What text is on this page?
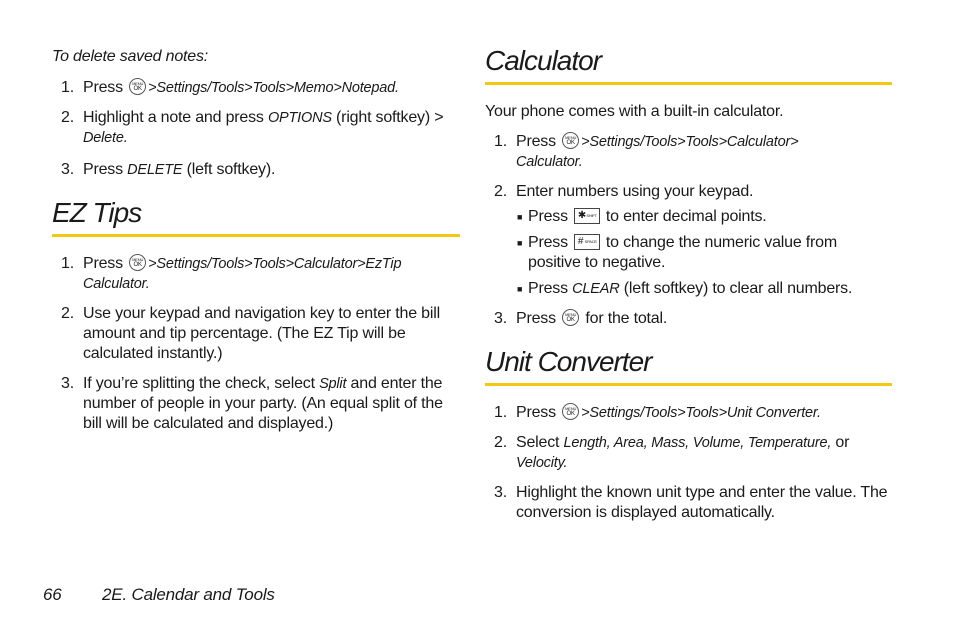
To delete saved notes:
1. Press	MENU
OK >Settings/Tools>Tools>Memo>Notepad.
2. Highlight a note and press OPTIONS (right softkey) > Delete.
3. Press DELETE (left softkey).
EZ Tips
1. Press	MENU
OK >Settings/Tools>Tools>Calculator>EzTip
Calculator.
2. Use your keypad and navigation key to enter the bill amount and tip percentage. (The EZ Tip will be calculated instantly.)
3. If you’re splitting the check, select Split and enter the number of people in your party. (An equal split of the bill will be calculated and displayed.)
Calculator
Your phone comes with a built-in calculator.
1. Press	MENU
OK >Settings/Tools>Tools>Calculator>
Calculator.
2. Enter numbers using your keypad.
■ Press ✱ SHIFT to enter decimal points.
■ Press # SPACE to change the numeric value from positive to negative.
■ Press CLEAR (left softkey) to clear all numbers.
3. Press	MENU
OK for the total.
Unit Converter
1. Press	MENU
OK >Settings/Tools>Tools>Unit Converter.
2. Select Length, Area, Mass, Volume, Temperature, or
Velocity.
3. Highlight the known unit type and enter the value. The conversion is displayed automatically.
66 2E. Calendar and Tools
